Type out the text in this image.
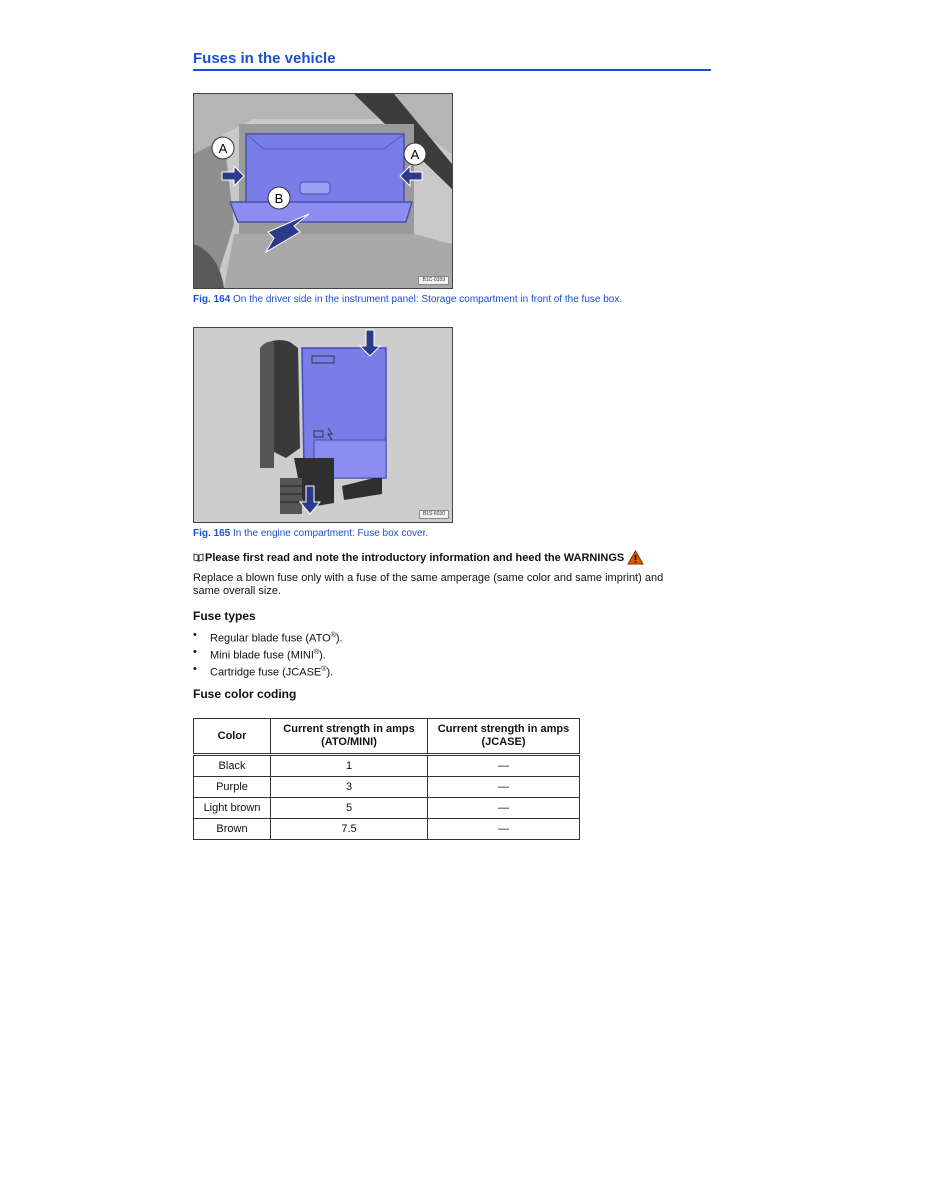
Fuses in the vehicle
A	A
B
B1C-0359
Fig. 164 On the driver side in the instrument panel: Storage compartment in front of the fuse box.
B1S-6030
Fig. 165 In the engine compartment: Fuse box cover.
Please first read and note the introductory information and heed the WARNINGS
Replace a blown fuse only with a fuse of the same amperage (same color and same imprint) and same overall size.
Fuse types
• Regular blade fuse (ATO®).
• Mini blade fuse (MINI®).
• Cartridge fuse (JCASE®).
Fuse color coding
Color	Current strength in amps (ATO/MINI)	Current strength in amps (JCASE)
Black	1	—
Purple	3	—
Light brown	5	—
Brown	7.5	—
